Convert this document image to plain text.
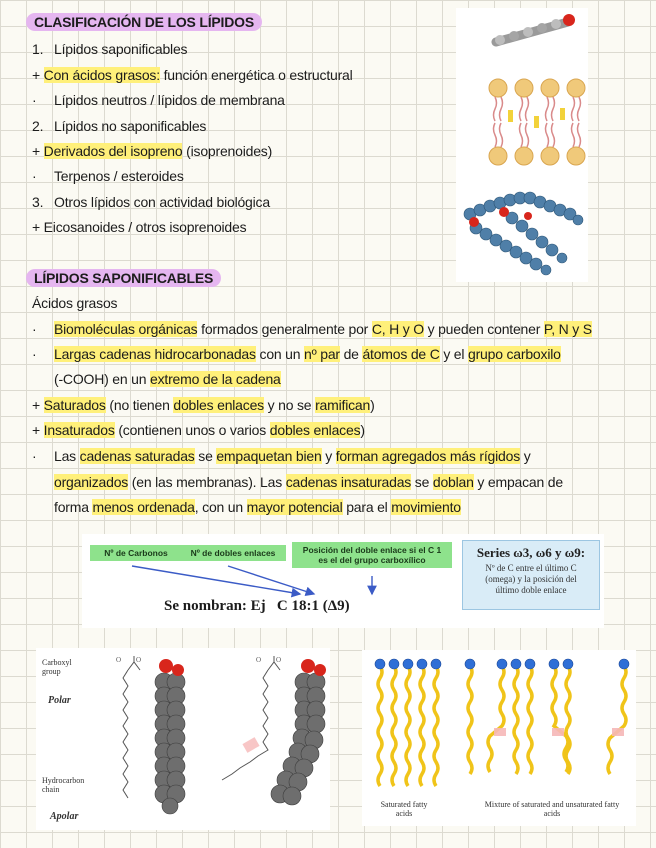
CLASIFICACIÓN DE LOS LÍPIDOS
1. Lípidos saponificables
+ Con ácidos grasos: función energética o estructural
· Lípidos neutros / lípidos de membrana
2. Lípidos no saponificables
+ Derivados del isopreno (isoprenoides)
· Terpenos / esteroides
3. Otros lípidos con actividad biológica
+ Eicosanoides / otros isoprenoides
LÍPIDOS SAPONIFICABLES
Ácidos grasos
· Biomoléculas orgánicas formados generalmente por C, H y O y pueden contener P, N y S
· Largas cadenas hidrocarbonadas con un nº par de átomos de C y el grupo carboxilo
(-COOH) en un extremo de la cadena
+ Saturados (no tienen dobles enlaces y no se ramifican)
+ Insaturados (contienen unos o varios dobles enlaces)
· Las cadenas saturadas se empaquetan bien y forman agregados más rígidos y
organizados (en las membranas). Las cadenas insaturadas se doblan y empacan de
forma menos ordenada, con un mayor potencial para el movimiento
Nº de Carbonos	Nº de dobles enlaces	Posición del doble enlace si el C 1 es el del grupo carboxílico
Se nombran: Ej   C 18:1 (Δ9)
Series ω3, ω6 y ω9:
Nº de C entre el último C (omega) y la posición del último doble enlace
Carboxyl group
Polar
Hydrocarbon chain
Apolar
O O	O O
Saturated fatty acids
Mixture of saturated and unsaturated fatty acids
